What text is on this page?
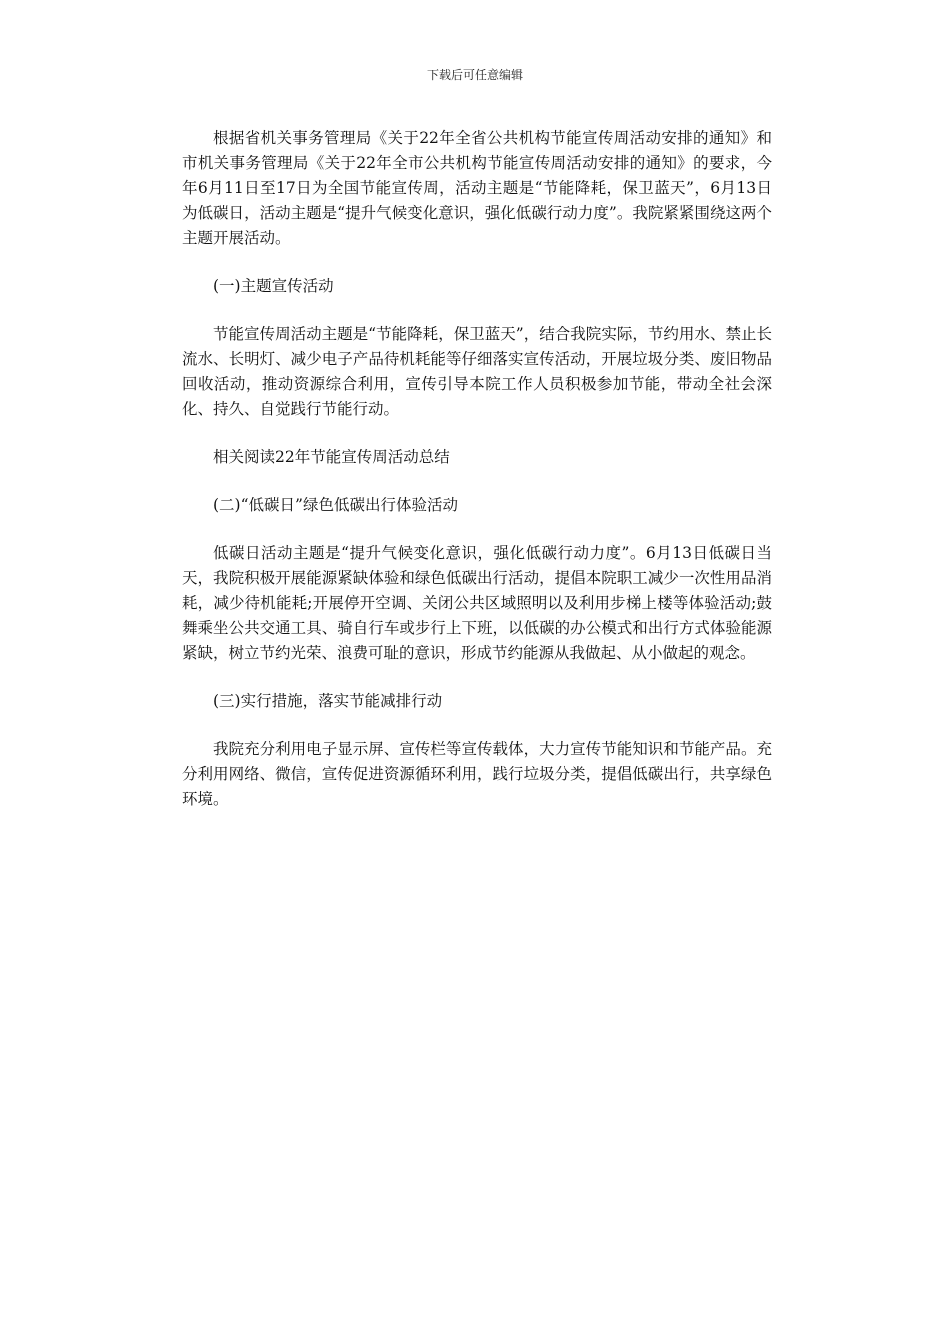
下载后可任意编辑

根据省机关事务管理局《关于22年全省公共机构节能宣传周活动安排的通知》和市机关事务管理局《关于22年全市公共机构节能宣传周活动安排的通知》的要求，今年6月11日至17日为全国节能宣传周，活动主题是“节能降耗，保卫蓝天”，6月13日为低碳日，活动主题是“提升气候变化意识，强化低碳行动力度”。我院紧紧围绕这两个主题开展活动。

(一)主题宣传活动

节能宣传周活动主题是“节能降耗，保卫蓝天”，结合我院实际，节约用水、禁止长流水、长明灯、减少电子产品待机耗能等仔细落实宣传活动，开展垃圾分类、废旧物品回收活动，推动资源综合利用，宣传引导本院工作人员积极参加节能，带动全社会深化、持久、自觉践行节能行动。

相关阅读22年节能宣传周活动总结

(二)“低碳日”绿色低碳出行体验活动

低碳日活动主题是“提升气候变化意识，强化低碳行动力度”。6月13日低碳日当天，我院积极开展能源紧缺体验和绿色低碳出行活动，提倡本院职工减少一次性用品消耗，减少待机能耗;开展停开空调、关闭公共区域照明以及利用步梯上楼等体验活动;鼓舞乘坐公共交通工具、骑自行车或步行上下班，以低碳的办公模式和出行方式体验能源紧缺，树立节约光荣、浪费可耻的意识，形成节约能源从我做起、从小做起的观念。

(三)实行措施，落实节能减排行动

我院充分利用电子显示屏、宣传栏等宣传载体，大力宣传节能知识和节能产品。充分利用网络、微信，宣传促进资源循环利用，践行垃圾分类，提倡低碳出行，共享绿色环境。
